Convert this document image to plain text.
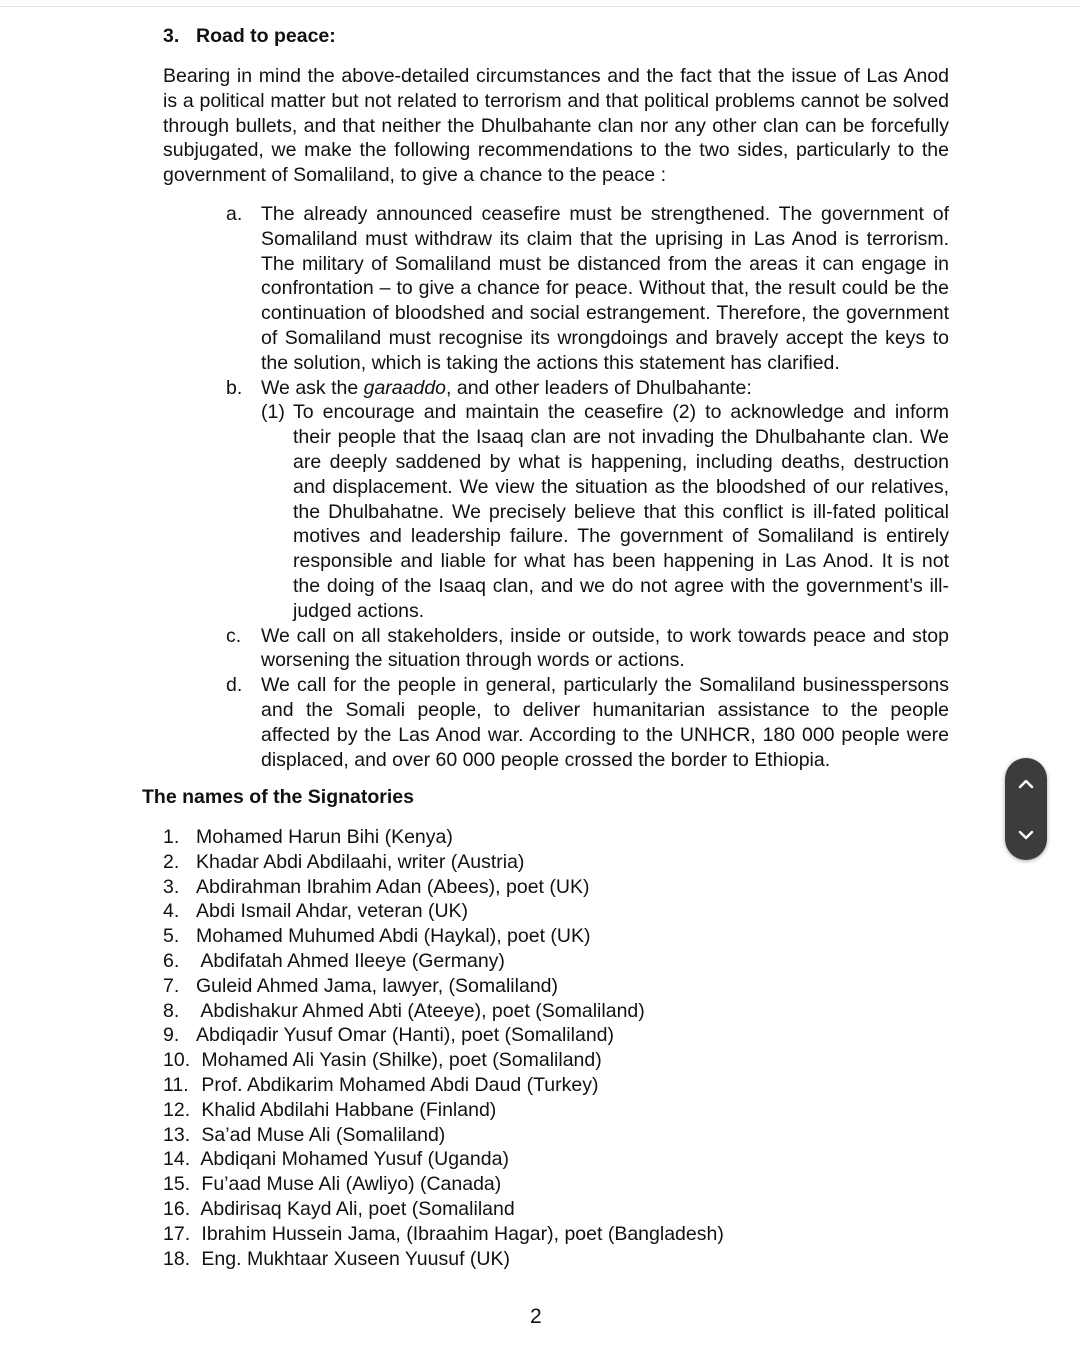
3. Road to peace:

Bearing in mind the above-detailed circumstances and the fact that the issue of Las Anod is a political matter but not related to terrorism and that political problems cannot be solved through bullets, and that neither the Dhulbahante clan nor any other clan can be forcefully subjugated, we make the following recommendations to the two sides, particularly to the government of Somaliland, to give a chance to the peace :

a. The already announced ceasefire must be strengthened. The government of Somaliland must withdraw its claim that the uprising in Las Anod is terrorism. The military of Somaliland must be distanced from the areas it can engage in confrontation – to give a chance for peace. Without that, the result could be the continuation of bloodshed and social estrangement. Therefore, the government of Somaliland must recognise its wrongdoings and bravely accept the keys to the solution, which is taking the actions this statement has clarified.
b. We ask the garaaddo, and other leaders of Dhulbahante:
(1) To encourage and maintain the ceasefire (2) to acknowledge and inform their people that the Isaaq clan are not invading the Dhulbahante clan. We are deeply saddened by what is happening, including deaths, destruction and displacement. We view the situation as the bloodshed of our relatives, the Dhulbahatne. We precisely believe that this conflict is ill-fated political motives and leadership failure. The government of Somaliland is entirely responsible and liable for what has been happening in Las Anod. It is not the doing of the Isaaq clan, and we do not agree with the government’s ill-judged actions.
c. We call on all stakeholders, inside or outside, to work towards peace and stop worsening the situation through words or actions.
d. We call for the people in general, particularly the Somaliland businesspersons and the Somali people, to deliver humanitarian assistance to the people affected by the Las Anod war. According to the UNHCR, 180 000 people were displaced, and over 60 000 people crossed the border to Ethiopia.
The names of the Signatories
1. Mohamed Harun Bihi (Kenya)
2. Khadar Abdi Abdilaahi, writer (Austria)
3. Abdirahman Ibrahim Adan (Abees), poet (UK)
4. Abdi Ismail Ahdar, veteran (UK)
5. Mohamed Muhumed Abdi (Haykal), poet (UK)
6. Abdifatah Ahmed Ileeye (Germany)
7. Guleid Ahmed Jama, lawyer, (Somaliland)
8. Abdishakur Ahmed Abti (Ateeye), poet (Somaliland)
9. Abdiqadir Yusuf Omar (Hanti), poet (Somaliland)
10. Mohamed Ali Yasin (Shilke), poet (Somaliland)
11. Prof. Abdikarim Mohamed Abdi Daud (Turkey)
12. Khalid Abdilahi Habbane (Finland)
13. Sa’ad Muse Ali (Somaliland)
14. Abdiqani Mohamed Yusuf (Uganda)
15. Fu’aad Muse Ali (Awliyo) (Canada)
16. Abdirisaq Kayd Ali, poet (Somaliland
17. Ibrahim Hussein Jama, (Ibraahim Hagar), poet (Bangladesh)
18. Eng. Mukhtaar Xuseen Yuusuf (UK)
2
